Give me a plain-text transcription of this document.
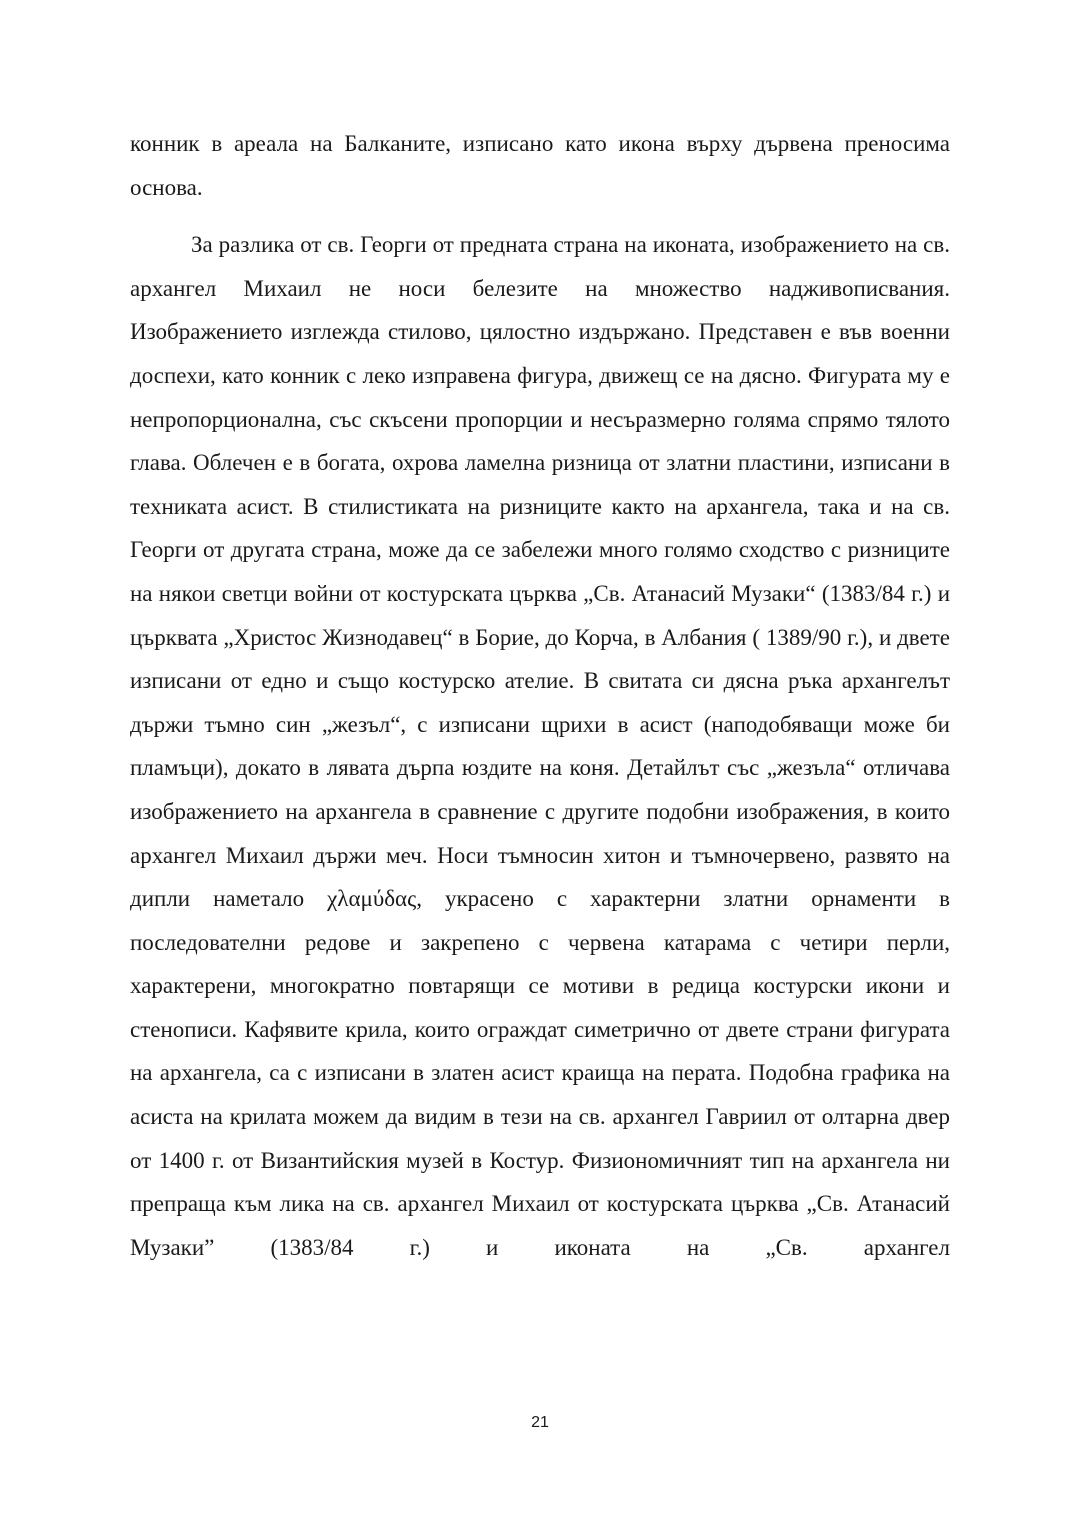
конник в ареала на Балканите, изписано като икона върху дървена преносима основа.

За разлика от св. Георги от предната страна на иконата, изображението на св. архангел Михаил не носи белезите на множество надживописвания. Изображението изглежда стилово, цялостно издържано. Представен е във военни доспехи, като конник с леко изправена фигура, движещ се на дясно. Фигурата му е непропорционална, със скъсени пропорции и несъразмерно голяма спрямо тялото глава. Облечен е в богата, охрова ламелна ризница от златни пластини, изписани в техниката асист. В стилистиката на ризниците както на архангела, така и на св. Георги от другата страна, може да се забележи много голямо сходство с ризниците на някои светци войни от костурската църква „Св. Атанасий Музаки“ (1383/84 г.) и църквата „Христос Жизнодавец“ в Борие, до Корча, в Албания ( 1389/90 г.), и двете изписани от едно и също костурско ателие. В свитата си дясна ръка архангелът държи тъмно син „жезъл“, с изписани щрихи в асист (наподобяващи може би пламъци), докато в лявата дърпа юздите на коня. Детайлът със „жезъла“ отличава изображението на архангела в сравнение с другите подобни изображения, в които архангел Михаил държи меч. Носи тъмносин хитон и тъмночервено, развято на дипли наметало χλαμύδας, украсено с характерни златни орнаменти в последователни редове и закрепено с червена катарама с четири перли, характерени, многократно повтарящи се мотиви в редица костурски икони и стенописи. Кафявите крила, които ограждат симетрично от двете страни фигурата на архангела, са с изписани в златен асист краища на перата. Подобна графика на асиста на крилата можем да видим в тези на св. архангел Гавриил от олтарна двер от 1400 г. от Византийския музей в Костур. Физиономичният тип на архангела ни препраща към лика на св. архангел Михаил от костурската църква „Св. Атанасий Музаки” (1383/84 г.) и иконата на „Св. архангел

21
